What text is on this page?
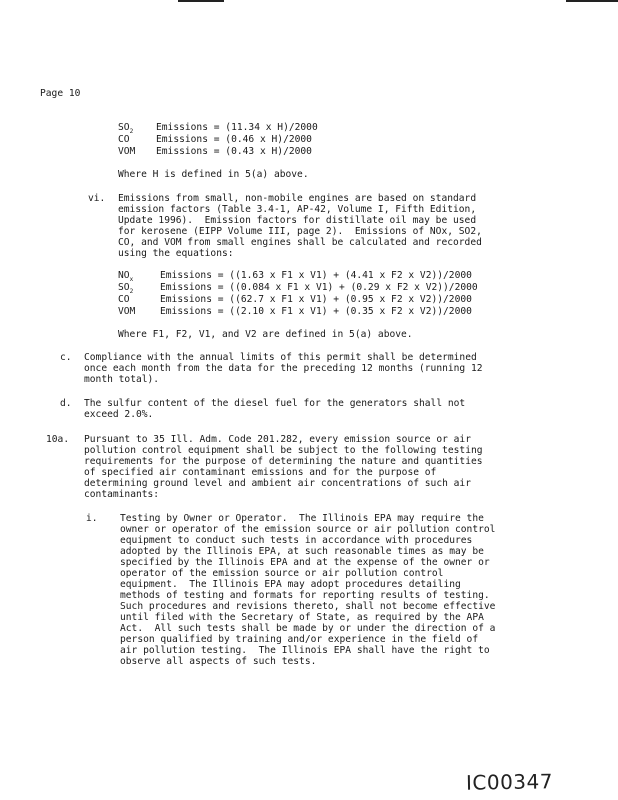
Page 10
$SO_2$ Emissions = (11.34 x H)/2000
CO	Emissions = (0.46 x H)/2000
VOM Emissions = (0.43 x H)/2000
Where H is defined in 5(a) above.
vi. Emissions from small, non-mobile engines are based on standard
emission factors (Table 3.4-1, AP-42, Volume I, Fifth Edition,
Update 1996).  Emission factors for distillate oil may be used
for kerosene (EIPP Volume III, page 2).  Emissions of NOx, SO2,
CO, and VOM from small engines shall be calculated and recorded
using the equations:
$NO_x$	Emissions = ((1.63 x F1 x V1) + (4.41 x F2 x V2))/2000
$SO_2$	Emissions = ((0.084 x F1 x V1) + (0.29 x F2 x V2))/2000
CO	Emissions = ((62.7 x F1 x V1) + (0.95 x F2 x V2))/2000
VOM	Emissions = ((2.10 x F1 x V1) + (0.35 x F2 x V2))/2000
Where F1, F2, V1, and V2 are defined in 5(a) above.
c. Compliance with the annual limits of this permit shall be determined
once each month from the data for the preceding 12 months (running 12
month total).
d. The sulfur content of the diesel fuel for the generators shall not
exceed 2.0%.
10a. Pursuant to 35 Ill. Adm. Code 201.282, every emission source or air
pollution control equipment shall be subject to the following testing
requirements for the purpose of determining the nature and quantities
of specified air contaminant emissions and for the purpose of
determining ground level and ambient air concentrations of such air
contaminants:
i. Testing by Owner or Operator.  The Illinois EPA may require the
owner or operator of the emission source or air pollution control
equipment to conduct such tests in accordance with procedures
adopted by the Illinois EPA, at such reasonable times as may be
specified by the Illinois EPA and at the expense of the owner or
operator of the emission source or air pollution control
equipment.  The Illinois EPA may adopt procedures detailing
methods of testing and formats for reporting results of testing.
Such procedures and revisions thereto, shall not become effective
until filed with the Secretary of State, as required by the APA
Act.  All such tests shall be made by or under the direction of a
person qualified by training and/or experience in the field of
air pollution testing.  The Illinois EPA shall have the right to
observe all aspects of such tests.
IC00347
